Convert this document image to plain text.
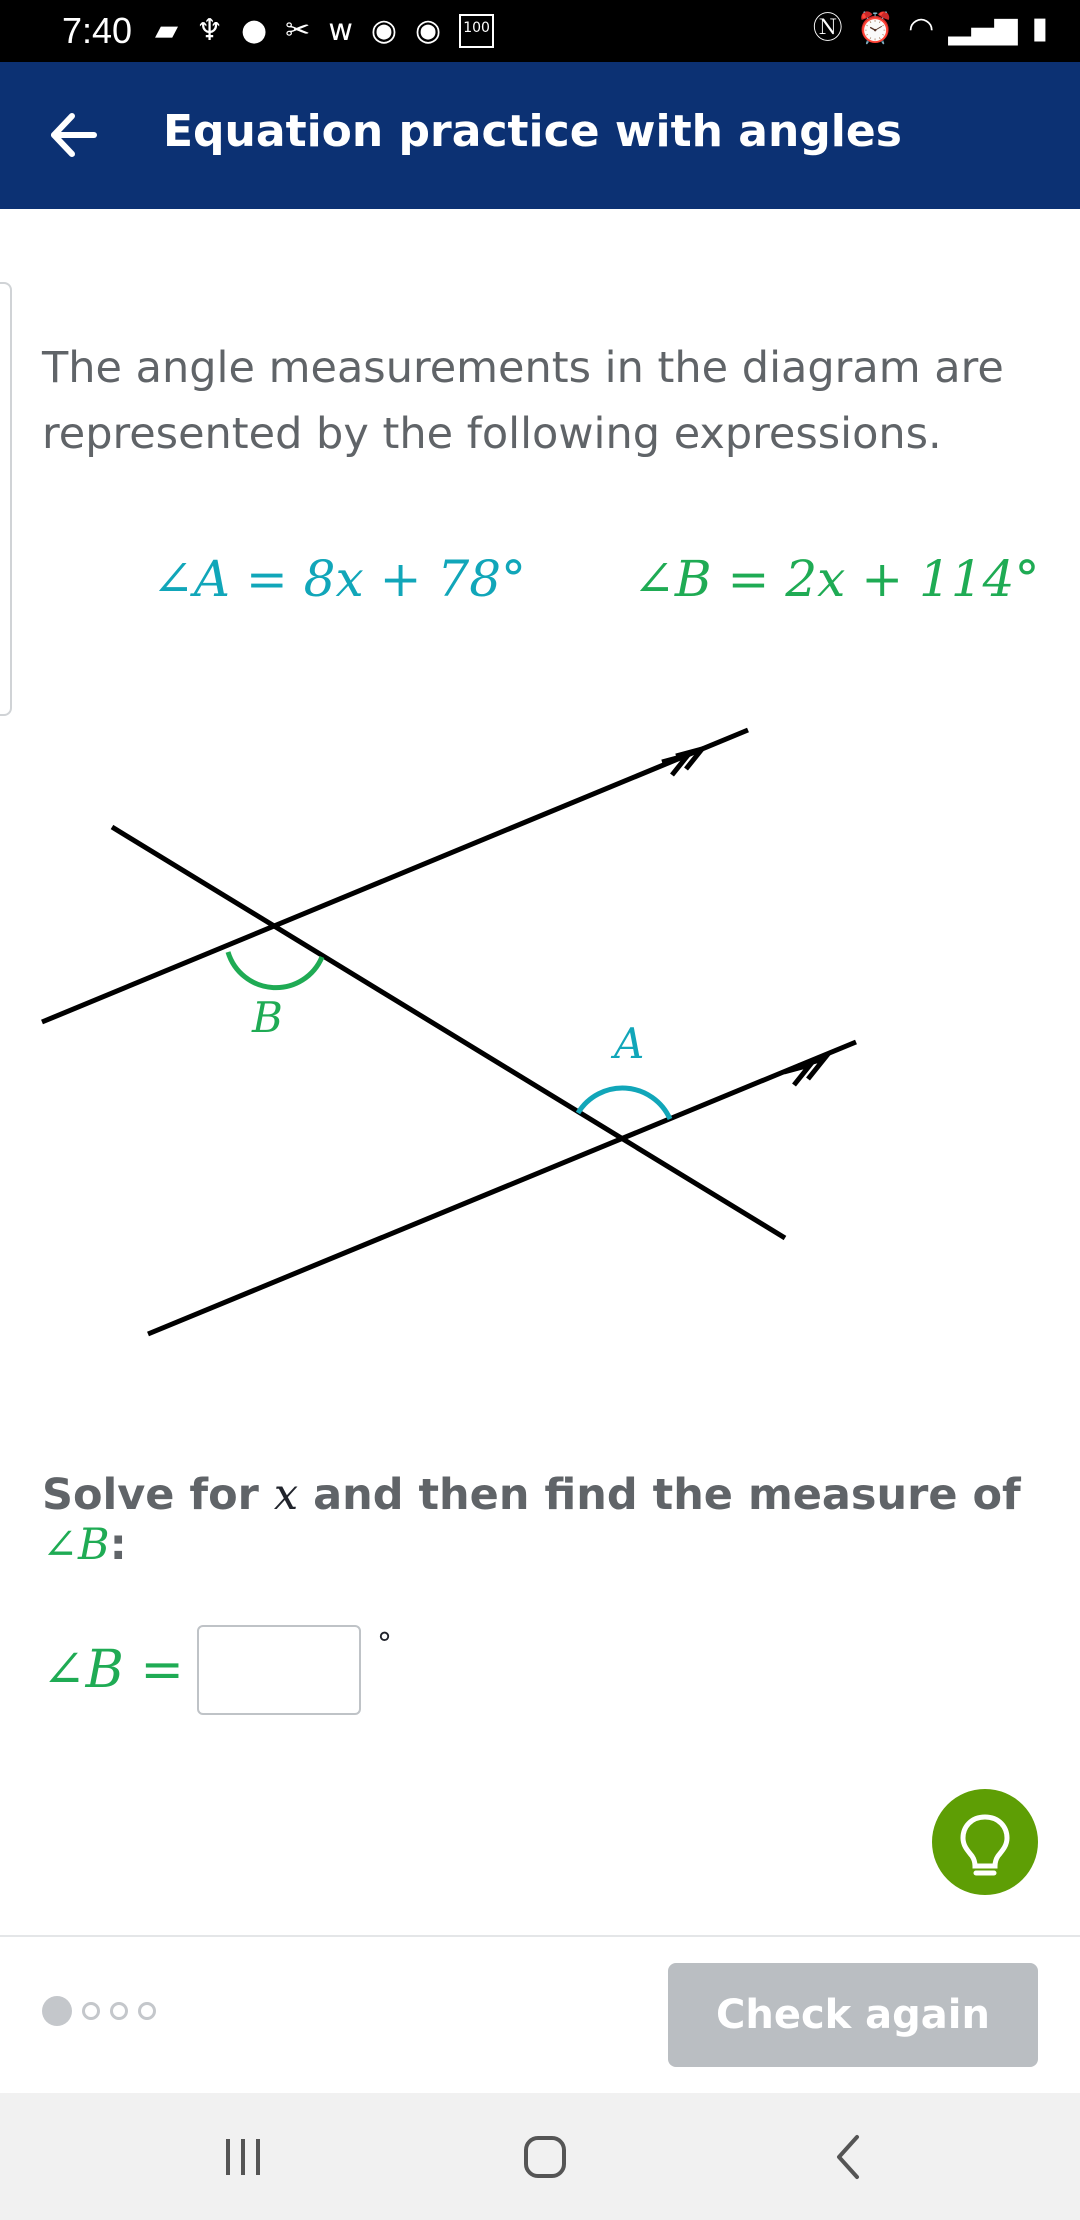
7:40 ▰ ♆ ● ✂ w ◉ ◉ 100	Ⓝ ⏰ ◠ ▂▄▆ ▮
Equation practice with angles
The angle measurements in the diagram are represented by the following expressions.
∠A = 8x + 78° ∠B = 2x + 114°
B
A
Solve for x and then find the measure of ∠B:
∠B =	°
Check again
